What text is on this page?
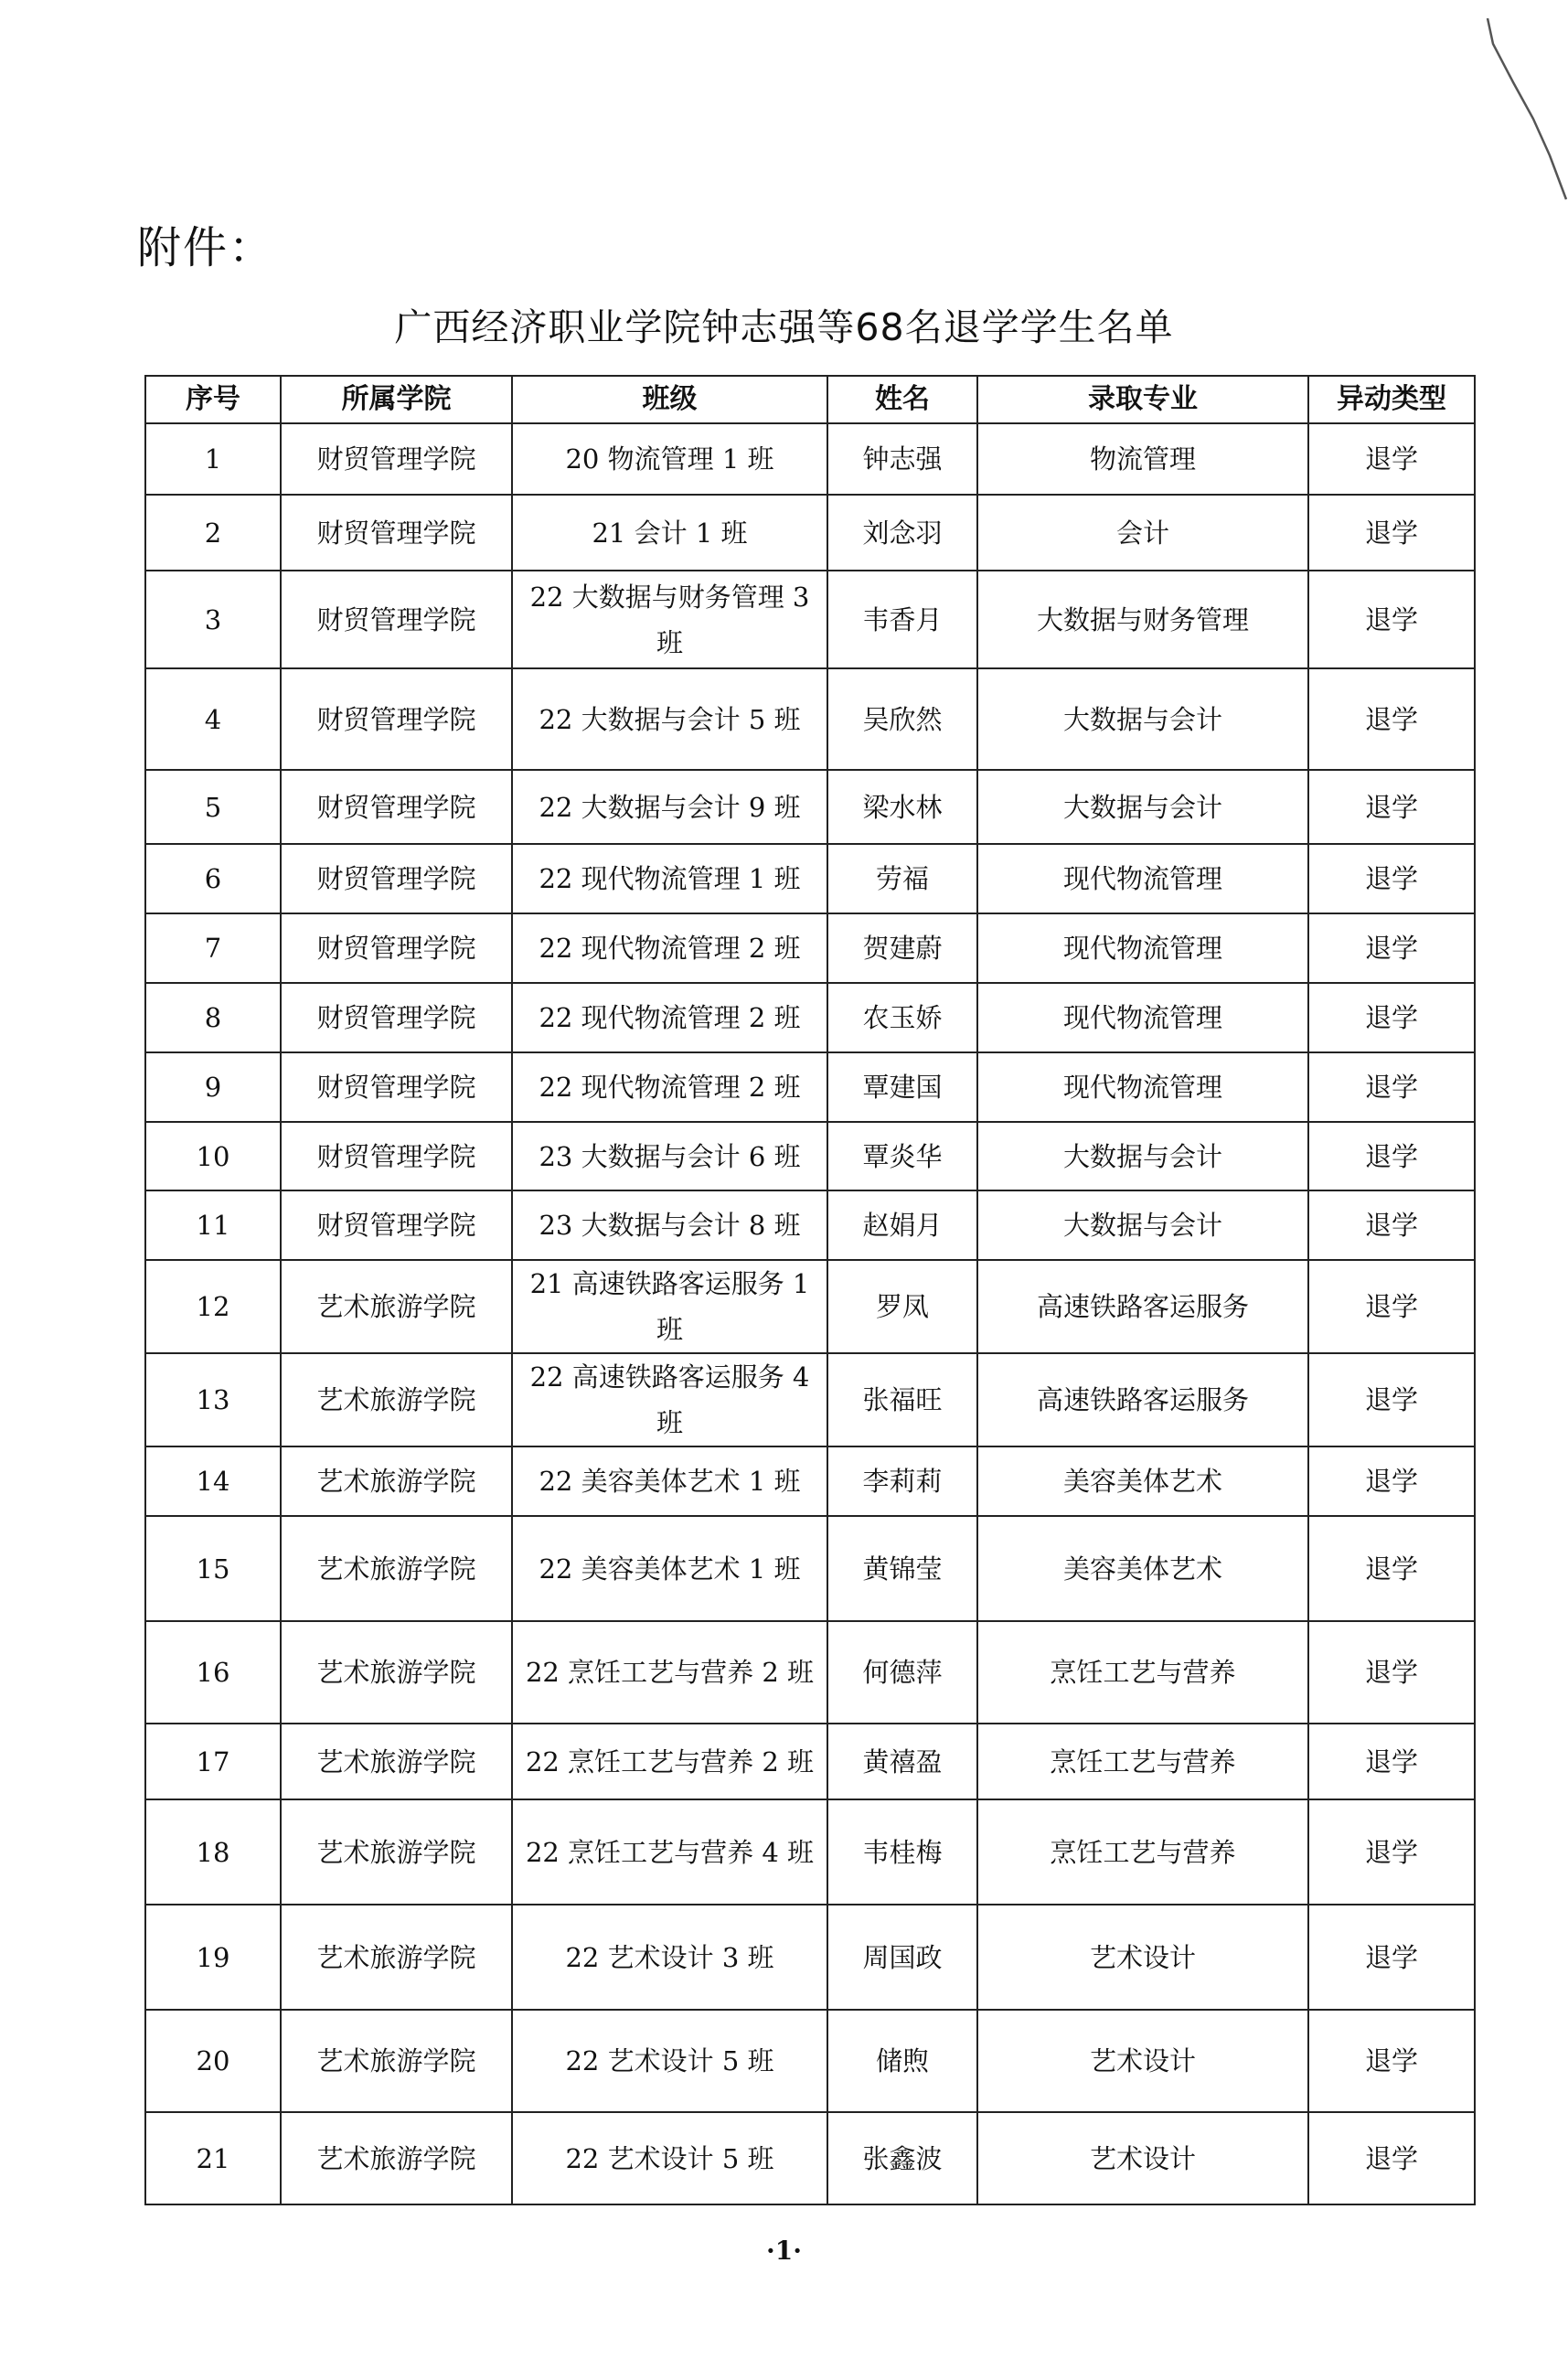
附件：
广西经济职业学院钟志强等68名退学学生名单
序号	所属学院	班级	姓名	录取专业	异动类型
1	财贸管理学院	20 物流管理 1 班	钟志强	物流管理	退学
2	财贸管理学院	21 会计 1 班	刘念羽	会计	退学
3	财贸管理学院	22 大数据与财务管理 3 班	韦香月	大数据与财务管理	退学
4	财贸管理学院	22 大数据与会计 5 班	吴欣然	大数据与会计	退学
5	财贸管理学院	22 大数据与会计 9 班	梁水林	大数据与会计	退学
6	财贸管理学院	22 现代物流管理 1 班	劳福	现代物流管理	退学
7	财贸管理学院	22 现代物流管理 2 班	贺建蔚	现代物流管理	退学
8	财贸管理学院	22 现代物流管理 2 班	农玉娇	现代物流管理	退学
9	财贸管理学院	22 现代物流管理 2 班	覃建国	现代物流管理	退学
10	财贸管理学院	23 大数据与会计 6 班	覃炎华	大数据与会计	退学
11	财贸管理学院	23 大数据与会计 8 班	赵娟月	大数据与会计	退学
12	艺术旅游学院	21 高速铁路客运服务 1 班	罗凤	高速铁路客运服务	退学
13	艺术旅游学院	22 高速铁路客运服务 4 班	张福旺	高速铁路客运服务	退学
14	艺术旅游学院	22 美容美体艺术 1 班	李莉莉	美容美体艺术	退学
15	艺术旅游学院	22 美容美体艺术 1 班	黄锦莹	美容美体艺术	退学
16	艺术旅游学院	22 烹饪工艺与营养 2 班	何德萍	烹饪工艺与营养	退学
17	艺术旅游学院	22 烹饪工艺与营养 2 班	黄禧盈	烹饪工艺与营养	退学
18	艺术旅游学院	22 烹饪工艺与营养 4 班	韦桂梅	烹饪工艺与营养	退学
19	艺术旅游学院	22 艺术设计 3 班	周国政	艺术设计	退学
20	艺术旅游学院	22 艺术设计 5 班	储煦	艺术设计	退学
21	艺术旅游学院	22 艺术设计 5 班	张鑫波	艺术设计	退学
·1·
